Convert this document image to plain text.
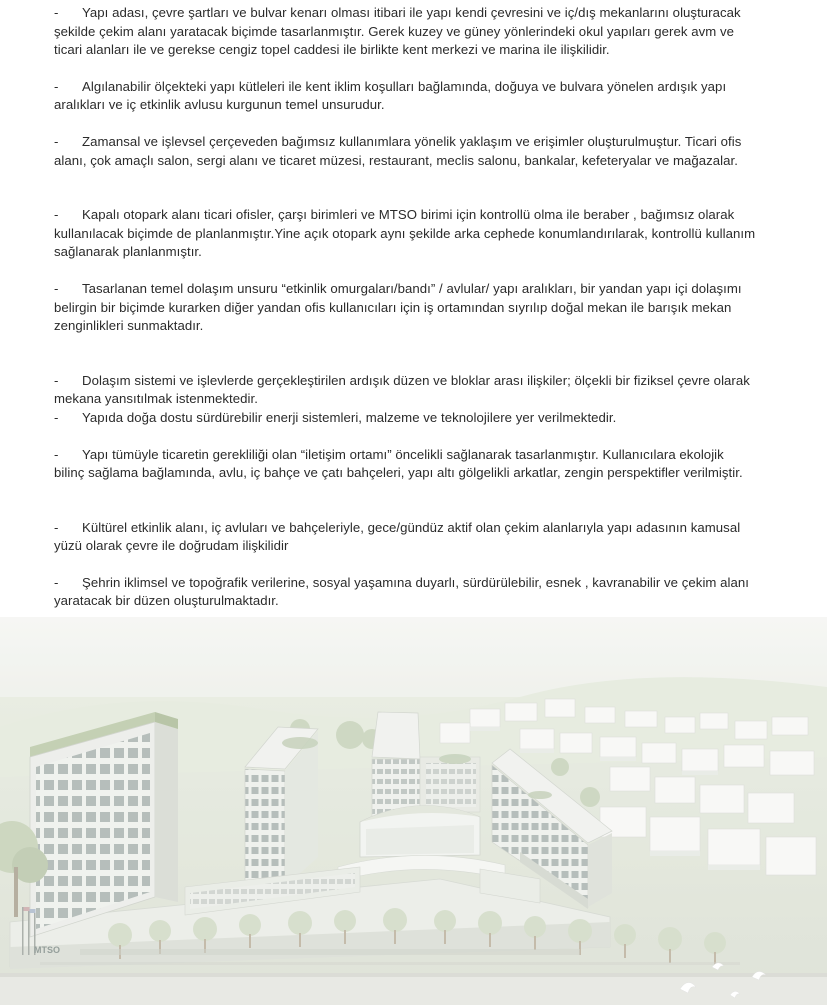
- Yapı adası, çevre şartları ve bulvar kenarı olması itibari ile yapı kendi çevresini ve iç/dış mekanlarını oluşturacak
şekilde çekim alanı yaratacak biçimde tasarlanmıştır. Gerek kuzey ve güney yönlerindeki okul yapıları gerek avm ve
ticari alanları ile ve gerekse cengiz topel caddesi ile birlikte kent merkezi ve marina ile ilişkilidir.
- Algılanabilir ölçekteki yapı kütleleri ile kent iklim koşulları bağlamında, doğuya ve bulvara yönelen ardışık yapı
aralıkları ve iç etkinlik avlusu kurgunun temel unsurudur.
- Zamansal ve işlevsel çerçeveden bağımsız kullanımlara yönelik yaklaşım ve erişimler oluşturulmuştur. Ticari ofis
alanı, çok amaçlı salon, sergi alanı ve ticaret müzesi, restaurant, meclis salonu, bankalar, kefeteryalar ve mağazalar.
- Kapalı otopark alanı ticari ofisler, çarşı birimleri ve MTSO birimi için kontrollü olma ile beraber , bağımsız olarak
kullanılacak biçimde de planlanmıştır.Yine açık otopark aynı şekilde arka cephede konumlandırılarak, kontrollü kullanım
sağlanarak planlanmıştır.
- Tasarlanan temel dolaşım unsuru “etkinlik omurgaları/bandı” / avlular/ yapı aralıkları, bir yandan yapı içi dolaşımı
belirgin bir biçimde kurarken diğer yandan ofis kullanıcıları için iş ortamından sıyrılıp doğal mekan ile barışık mekan
zenginlikleri sunmaktadır.
- Dolaşım sistemi ve işlevlerde gerçekleştirilen ardışık düzen ve bloklar arası ilişkiler; ölçekli bir fiziksel çevre olarak
mekana yansıtılmak istenmektedir.
- Yapıda doğa dostu sürdürebilir enerji sistemleri, malzeme ve teknolojilere yer verilmektedir.
- Yapı tümüyle ticaretin gerekliliği olan “iletişim ortamı” öncelikli sağlanarak tasarlanmıştır. Kullanıcılara ekolojik
bilinç sağlama bağlamında, avlu, iç bahçe ve çatı bahçeleri, yapı altı gölgelikli arkatlar, zengin perspektifler verilmiştir.
- Kültürel etkinlik alanı, iç avluları ve bahçeleriyle, gece/gündüz aktif olan çekim alanlarıyla yapı adasının kamusal
yüzü olarak çevre ile doğrudam ilişkilidir
- Şehrin iklimsel ve topoğrafik verilerine, sosyal yaşamına duyarlı, sürdürülebilir, esnek , kavranabilir ve çekim alanı
yaratacak bir düzen oluşturulmaktadır.
MTSO
